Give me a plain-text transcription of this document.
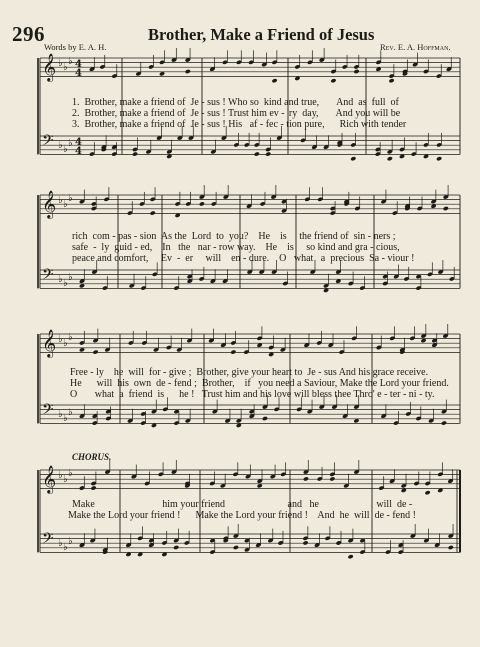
296	Brother, Make a Friend of Jesus
Words by E. A. H.	Rev. E. A. Hoffman.
1.  Brother, make a friend of  Je - sus ! Who so  kind and true,       And  as  full  of
2.  Brother, make a friend of  Je - sus ! Trust him ev - 'ry  day,       And you will be
3.  Brother, make a friend of  Je - sus ! His   af - fec - tion pure,      Rich with tender
rich  com - pas - sion  As the  Lord  to  you?    He    is     the friend of  sin - ners ;
safe  -  ly  guid - ed,    In   the   nar - row way.    He    is     so kind and gra - cious,
peace and comfort,     Ev  -  er     will    en - dure.    O   what   a  precious  Sa - viour !
Free - ly    he  will  for - give ;  Brother, give your heart to  Je - sus And his grace receive.
He      will  his  own  de - fend ;  Brother,    if   you need a Saviour, Make the Lord your friend.
O       what  a  friend  is      he !   Trust him and his love will bless thee Thro' e - ter - ni - ty.
CHORUS.
Make                           him your friend                         and   he                       will  de -
Make the Lord your friend !      Make the Lord your friend !    And  he  will  de - fend !
𝄞 ♭ ♭
♭ 4
4
𝄢 ♭ ♭
♭ 4
4
𝄞 ♭ ♭
♭
𝄢 ♭ ♭
♭
𝄞 ♭ ♭
♭
𝄢 ♭ ♭
♭
𝄞 ♭ ♭
♭
𝄢 ♭ ♭
♭
